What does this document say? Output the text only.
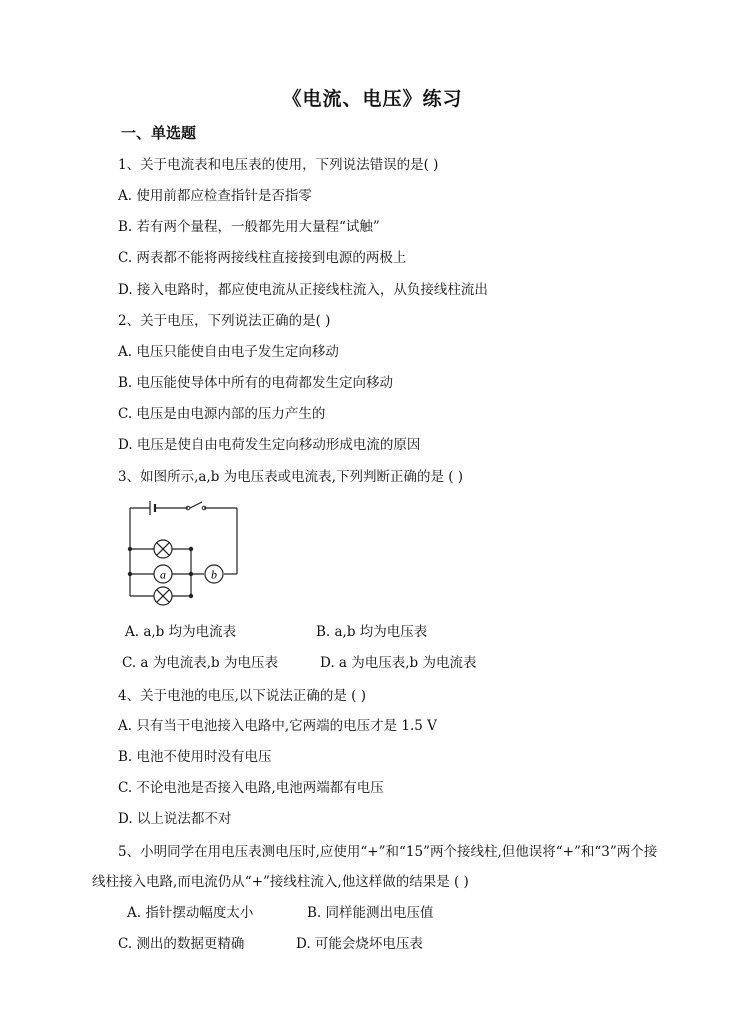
《电流、电压》练习
一、单选题
1、关于电流表和电压表的使用，下列说法错误的是( )
A. 使用前都应检查指针是否指零
B. 若有两个量程，一般都先用大量程“试触”
C. 两表都不能将两接线柱直接接到电源的两极上
D. 接入电路时，都应使电流从正接线柱流入，从负接线柱流出
2、关于电压，下列说法正确的是( )
A. 电压只能使自由电子发生定向移动
B. 电压能使导体中所有的电荷都发生定向移动
C. 电压是由电源内部的压力产生的
D. 电压是使自由电荷发生定向移动形成电流的原因
3、如图所示,a,b 为电压表或电流表,下列判断正确的是 ( )
a	b
A. a,b 均为电流表	B. a,b 均为电压表
C. a 为电流表,b 为电压表	D. a 为电压表,b 为电流表
4、关于电池的电压,以下说法正确的是 ( )
A. 只有当干电池接入电路中,它两端的电压才是 1.5 V
B. 电池不使用时没有电压
C. 不论电池是否接入电路,电池两端都有电压
D. 以上说法都不对
5、小明同学在用电压表测电压时,应使用“+”和“15”两个接线柱,但他误将“+”和“3”两个接
线柱接入电路,而电流仍从“+”接线柱流入,他这样做的结果是 ( )
A. 指针摆动幅度太小	B. 同样能测出电压值
C. 测出的数据更精确	D. 可能会烧坏电压表
